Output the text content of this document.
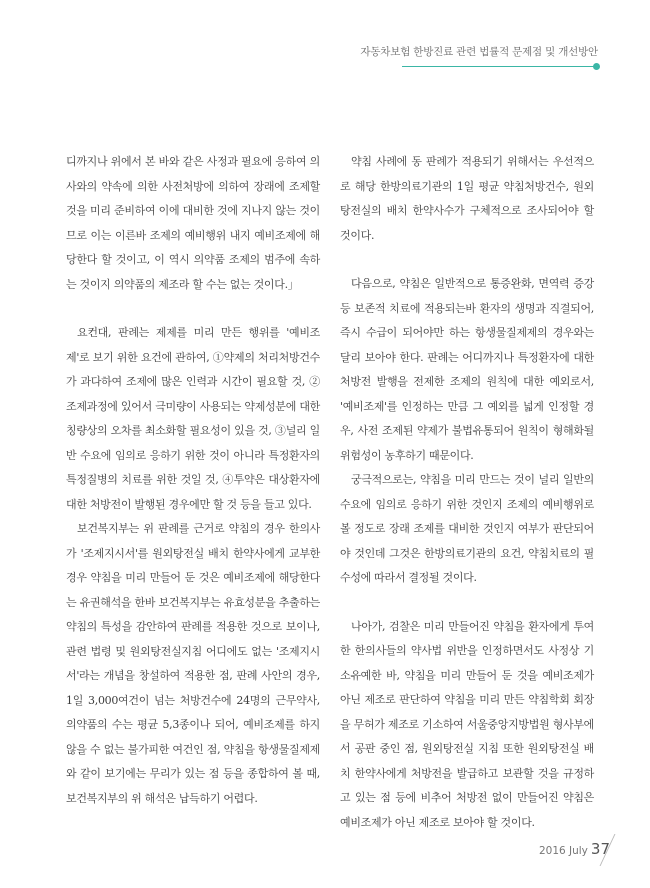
자동차보험 한방진료 관련 법률적 문제점 및 개선방안

디까지나 위에서 본 바와 같은 사정과 필요에 응하여 의사와의 약속에 의한 사전처방에 의하여 장래에 조제할 것을 미리 준비하여 이에 대비한 것에 지나지 않는 것이므로 이는 이른바 조제의 예비행위 내지 예비조제에 해당한다 할 것이고, 이 역시 의약품 조제의 범주에 속하는 것이지 의약품의 제조라 할 수는 없는 것이다.」

요컨대, 판례는 제제를 미리 만든 행위를 '예비조제'로 보기 위한 요건에 관하여, ①약제의 처리처방건수가 과다하여 조제에 많은 인력과 시간이 필요할 것, ②조제과정에 있어서 극미량이 사용되는 약제성분에 대한 칭량상의 오차를 최소화할 필요성이 있을 것, ③널리 일반 수요에 임의로 응하기 위한 것이 아니라 특정환자의 특정질병의 치료를 위한 것일 것, ④투약은 대상환자에 대한 처방전이 발행된 경우에만 할 것 등을 들고 있다.

보건복지부는 위 판례를 근거로 약침의 경우 한의사가 '조제지시서'를 원외탕전실 배치 한약사에게 교부한 경우 약침을 미리 만들어 둔 것은 예비조제에 해당한다는 유권해석을 한바 보건복지부는 유효성분을 추출하는 약침의 특성을 감안하여 판례를 적용한 것으로 보이나, 관련 법령 및 원외탕전실지침 어디에도 없는 '조제지시서'라는 개념을 창설하여 적용한 점, 판례 사안의 경우, 1일 3,000여건이 넘는 처방건수에 24명의 근무약사, 의약품의 수는 평균 5,3종이나 되어, 예비조제를 하지 않을 수 없는 불가피한 여건인 점, 약침을 항생물질제제와 같이 보기에는 무리가 있는 점 등을 종합하여 볼 때, 보건복지부의 위 해석은 납득하기 어렵다.

약침 사례에 동 판례가 적용되기 위해서는 우선적으로 해당 한방의료기관의 1일 평균 약침처방건수, 원외탕전실의 배치 한약사수가 구체적으로 조사되어야 할 것이다.

다음으로, 약침은 일반적으로 통증완화, 면역력 증강 등 보존적 치료에 적용되는바 환자의 생명과 직결되어, 즉시 수급이 되어야만 하는 항생물질제제의 경우와는 달리 보아야 한다. 판례는 어디까지나 특정환자에 대한 처방전 발행을 전제한 조제의 원칙에 대한 예외로서, '예비조제'를 인정하는 만큼 그 예외를 넓게 인정할 경우, 사전 조제된 약제가 불법유통되어 원칙이 형해화될 위험성이 농후하기 때문이다.

궁극적으로는, 약침을 미리 만드는 것이 널리 일반의 수요에 임의로 응하기 위한 것인지 조제의 예비행위로 볼 정도로 장래 조제를 대비한 것인지 여부가 판단되어야 것인데 그것은 한방의료기관의 요건, 약침치료의 필수성에 따라서 결정될 것이다.

나아가, 검찰은 미리 만들어진 약침을 환자에게 투여한 한의사들의 약사법 위반을 인정하면서도 사정상 기소유예한 바, 약침을 미리 만들어 둔 것을 예비조제가 아닌 제조로 판단하여 약침을 미리 만든 약침학회 회장을 무허가 제조로 기소하여 서울중앙지방법원 형사부에서 공판 중인 점, 원외탕전실 지침 또한 원외탕전실 배치 한약사에게 처방전을 발급하고 보관할 것을 규정하고 있는 점 등에 비추어 처방전 없이 만들어진 약침은 예비조제가 아닌 제조로 보아야 할 것이다.

2016 July 37
